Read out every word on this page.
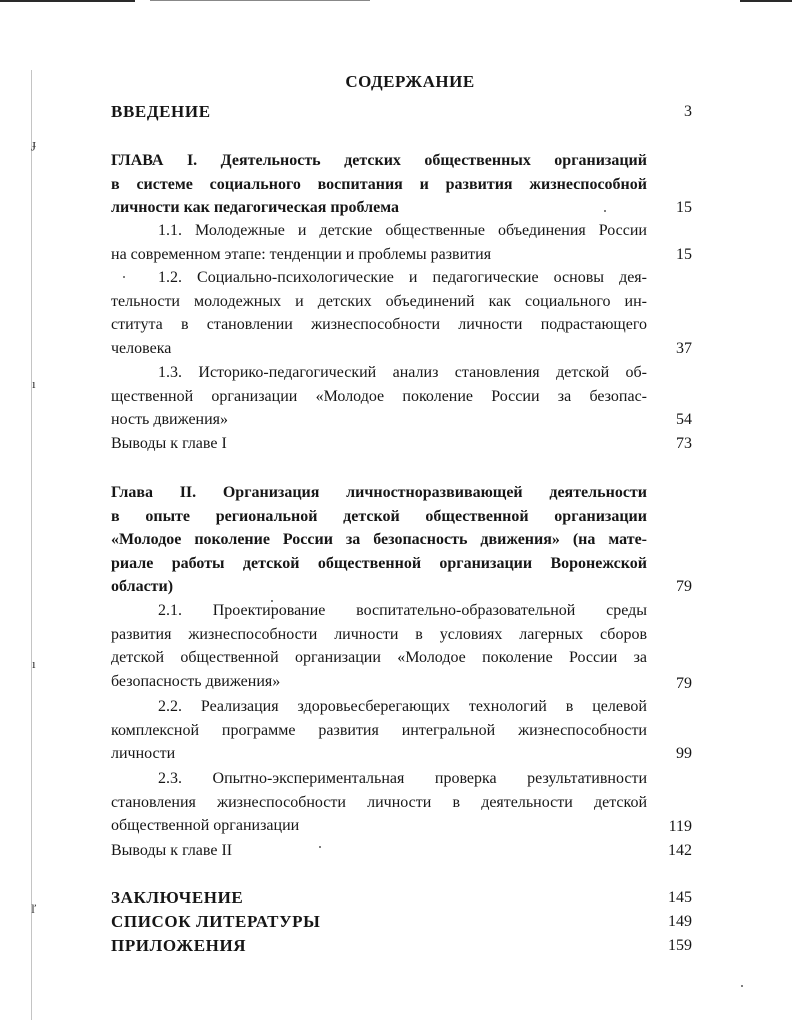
ɟ
ı
ı
ľ
СОДЕРЖАНИЕ

ВВЕДЕНИЕ	3

ГЛАВА I. Деятельность детских общественных организаций

в системе социального воспитания и развития жизнеспособной

личности как педагогическая проблема	15

1.1. Молодежные и детские общественные объединения России

на современном этапе: тенденции и проблемы развития	15

1.2. Социально-психологические и педагогические основы дея-

тельности молодежных и детских объединений как социального ин-

ститута в становлении жизнеспособности личности подрастающего

человека	37

1.3. Историко-педагогический анализ становления детской об-

щественной организации «Молодое поколение России за безопас-

ность движения»	54

Выводы к главе I	73

Глава II. Организация личностноразвивающей деятельности

в опыте региональной детской общественной организации

«Молодое поколение России за безопасность движения» (на мате-

риале работы детской общественной организации Воронежской

области)	79

2.1. Проектирование воспитательно-образовательной среды

развития жизнеспособности личности в условиях лагерных сборов

детской общественной организации «Молодое поколение России за

безопасность движения»	79

2.2. Реализация здоровьесберегающих технологий в целевой

комплексной программе развития интегральной жизнеспособности

личности	99

2.3. Опытно-экспериментальная проверка результативности

становления жизнеспособности личности в деятельности детской

общественной организации	119

Выводы к главе II	142

ЗАКЛЮЧЕНИЕ	145

СПИСОК ЛИТЕРАТУРЫ	149

ПРИЛОЖЕНИЯ	159
